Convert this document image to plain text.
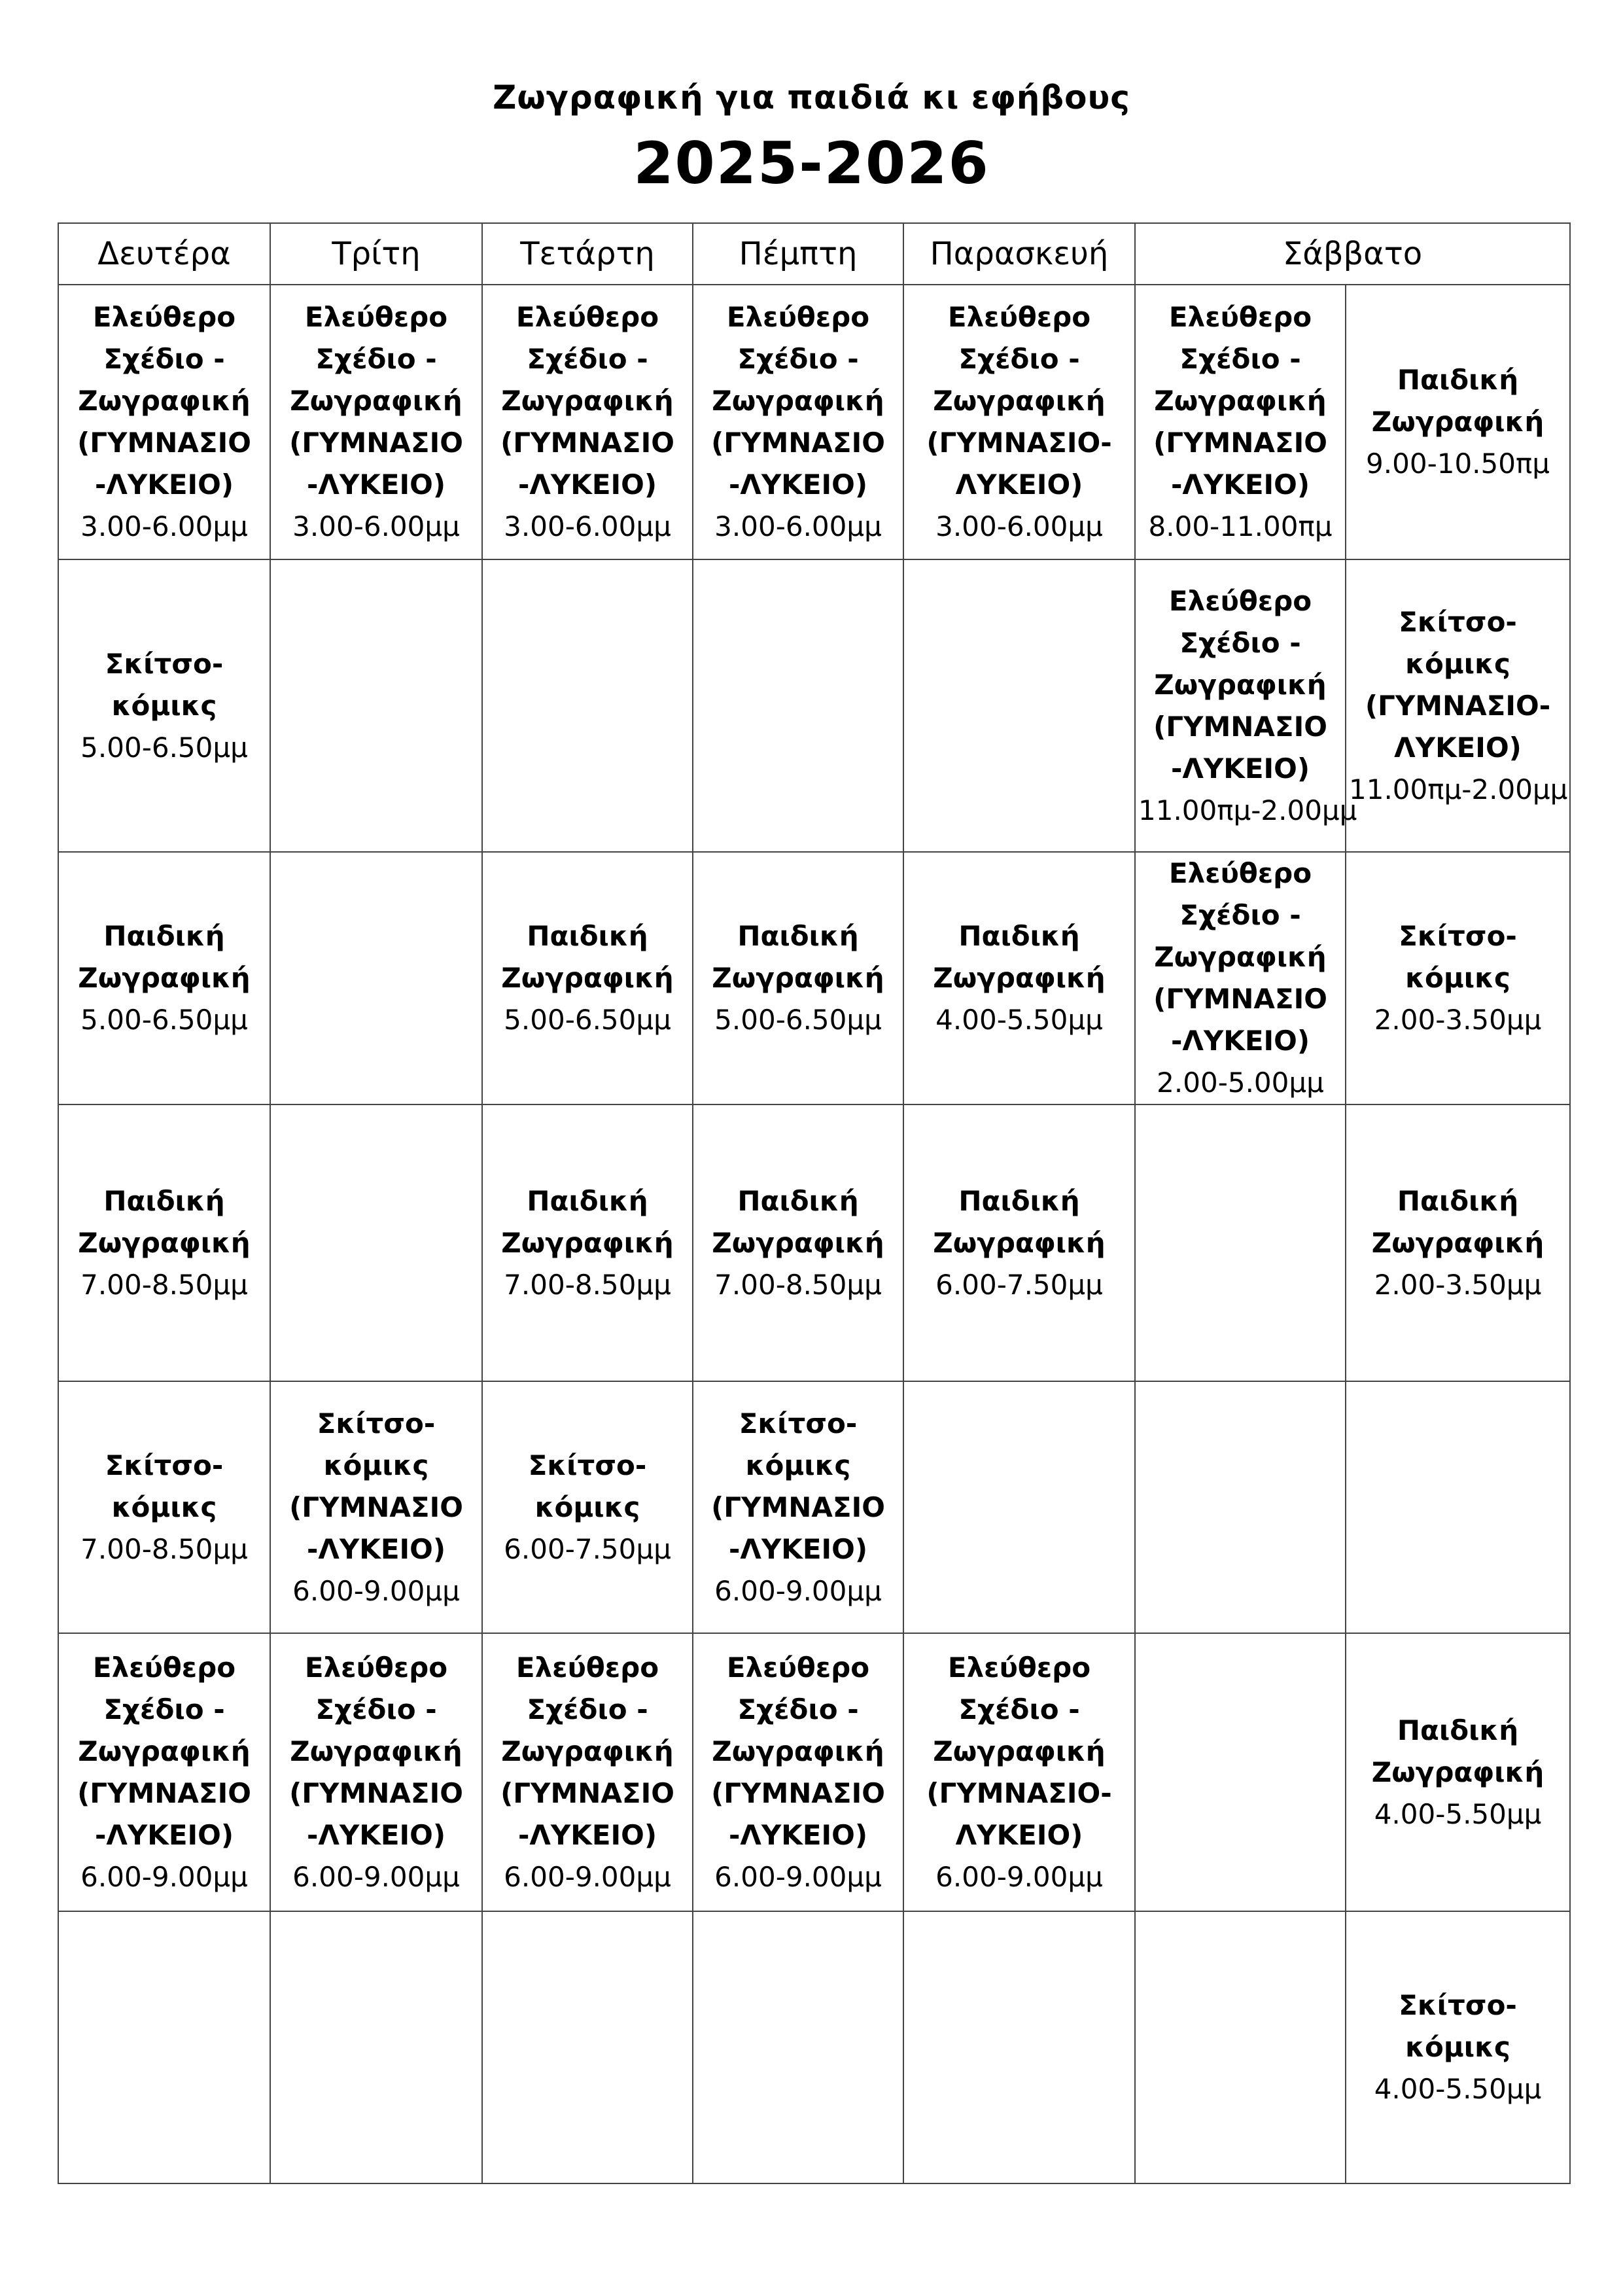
Ζωγραφική για παιδιά κι εφήβους
2025-2026
Δευτέρα	Τρίτη	Τετάρτη	Πέμπτη	Παρασκευή	Σάββατο	

Ελεύθερο Σχέδιο - Ζωγραφική (ΓΥΜΝΑΣΙΟ -ΛΥΚΕΙΟ)
3.00-6.00μμ	Ελεύθερο Σχέδιο - Ζωγραφική (ΓΥΜΝΑΣΙΟ -ΛΥΚΕΙΟ)
3.00-6.00μμ	Ελεύθερο Σχέδιο - Ζωγραφική (ΓΥΜΝΑΣΙΟ -ΛΥΚΕΙΟ)
3.00-6.00μμ	Ελεύθερο Σχέδιο - Ζωγραφική (ΓΥΜΝΑΣΙΟ -ΛΥΚΕΙΟ)
3.00-6.00μμ	Ελεύθερο Σχέδιο - Ζωγραφική (ΓΥΜΝΑΣΙΟ-ΛΥΚΕΙΟ)
3.00-6.00μμ	Ελεύθερο Σχέδιο - Ζωγραφική (ΓΥΜΝΑΣΙΟ -ΛΥΚΕΙΟ)
8.00-11.00πμ	Παιδική Ζωγραφική
9.00-10.50πμ

Σκίτσο-κόμικς
5.00-6.50μμ					Ελεύθερο Σχέδιο - Ζωγραφική (ΓΥΜΝΑΣΙΟ -ΛΥΚΕΙΟ)
11.00πμ-2.00μμ	Σκίτσο-κόμικς (ΓΥΜΝΑΣΙΟ-ΛΥΚΕΙΟ)
11.00πμ-2.00μμ

Παιδική Ζωγραφική
5.00-6.50μμ		Παιδική Ζωγραφική
5.00-6.50μμ	Παιδική Ζωγραφική
5.00-6.50μμ	Παιδική Ζωγραφική
4.00-5.50μμ	Ελεύθερο Σχέδιο - Ζωγραφική (ΓΥΜΝΑΣΙΟ -ΛΥΚΕΙΟ)
2.00-5.00μμ	Σκίτσο-κόμικς
2.00-3.50μμ

Παιδική Ζωγραφική
7.00-8.50μμ		Παιδική Ζωγραφική
7.00-8.50μμ	Παιδική Ζωγραφική
7.00-8.50μμ	Παιδική Ζωγραφική
6.00-7.50μμ		Παιδική Ζωγραφική
2.00-3.50μμ

Σκίτσο-κόμικς
7.00-8.50μμ	Σκίτσο-κόμικς (ΓΥΜΝΑΣΙΟ -ΛΥΚΕΙΟ)
6.00-9.00μμ	Σκίτσο-κόμικς
6.00-7.50μμ	Σκίτσο-κόμικς (ΓΥΜΝΑΣΙΟ -ΛΥΚΕΙΟ)
6.00-9.00μμ			

Ελεύθερο Σχέδιο - Ζωγραφική (ΓΥΜΝΑΣΙΟ -ΛΥΚΕΙΟ)
6.00-9.00μμ	Ελεύθερο Σχέδιο - Ζωγραφική (ΓΥΜΝΑΣΙΟ -ΛΥΚΕΙΟ)
6.00-9.00μμ	Ελεύθερο Σχέδιο - Ζωγραφική (ΓΥΜΝΑΣΙΟ -ΛΥΚΕΙΟ)
6.00-9.00μμ	Ελεύθερο Σχέδιο - Ζωγραφική (ΓΥΜΝΑΣΙΟ -ΛΥΚΕΙΟ)
6.00-9.00μμ	Ελεύθερο Σχέδιο - Ζωγραφική (ΓΥΜΝΑΣΙΟ-ΛΥΚΕΙΟ)
6.00-9.00μμ		Παιδική Ζωγραφική
4.00-5.50μμ

						Σκίτσο-κόμικς
4.00-5.50μμ
